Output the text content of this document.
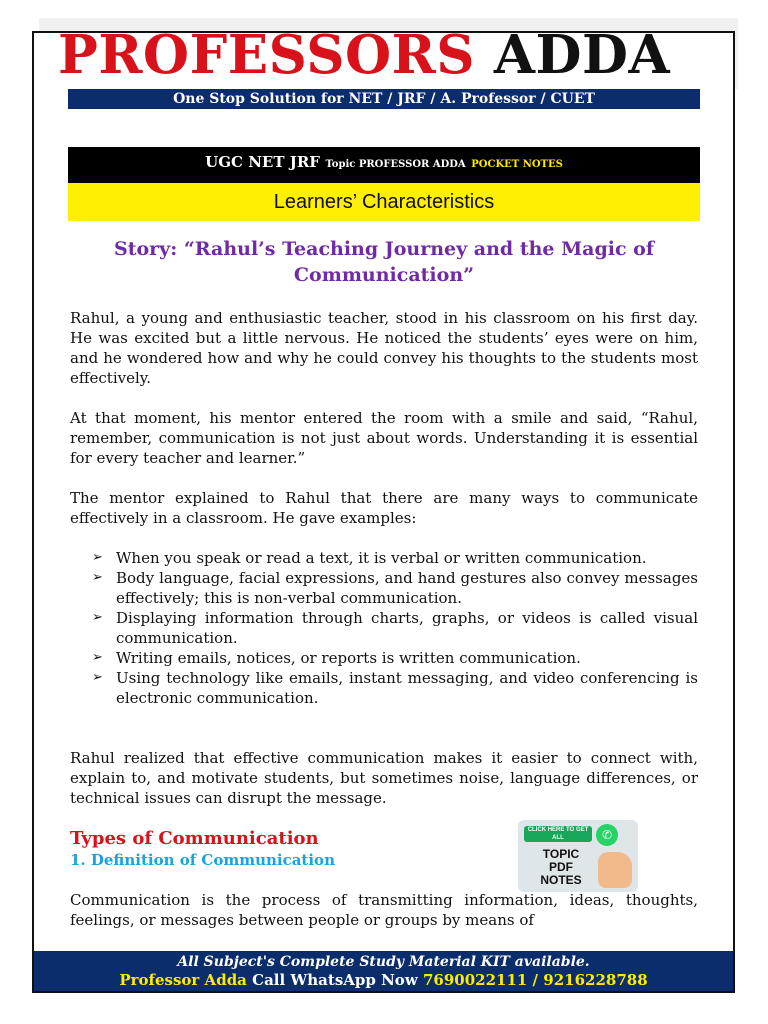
PROFESSORS ADDA
One Stop Solution for NET / JRF / A. Professor / CUET
UGC NET JRF Topic PROFESSOR ADDA POCKET NOTES
Learners’ Characteristics
Story: “Rahul’s Teaching Journey and the Magic of Communication”
Rahul, a young and enthusiastic teacher, stood in his classroom on his first day. He was excited but a little nervous. He noticed the students’ eyes were on him, and he wondered how and why he could convey his thoughts to the students most effectively.
At that moment, his mentor entered the room with a smile and said, “Rahul, remember, communication is not just about words. Understanding it is essential for every teacher and learner.”
The mentor explained to Rahul that there are many ways to communicate effectively in a classroom. He gave examples:
➢ When you speak or read a text, it is verbal or written communication.
➢ Body language, facial expressions, and hand gestures also convey messages effectively; this is non-verbal communication.
➢ Displaying information through charts, graphs, or videos is called visual communication.
➢ Writing emails, notices, or reports is written communication.
➢ Using technology like emails, instant messaging, and video conferencing is electronic communication.
Rahul realized that effective communication makes it easier to connect with, explain to, and motivate students, but sometimes noise, language differences, or technical issues can disrupt the message.
Types of Communication
1. Definition of Communication
CLICK HERE TO GET ALL	✆
TOPIC
PDF
NOTES
Communication is the process of transmitting information, ideas, thoughts, feelings, or messages between people or groups by means of
All Subject's Complete Study Material KIT available.
Professor Adda Call WhatsApp Now 7690022111 / 9216228788
